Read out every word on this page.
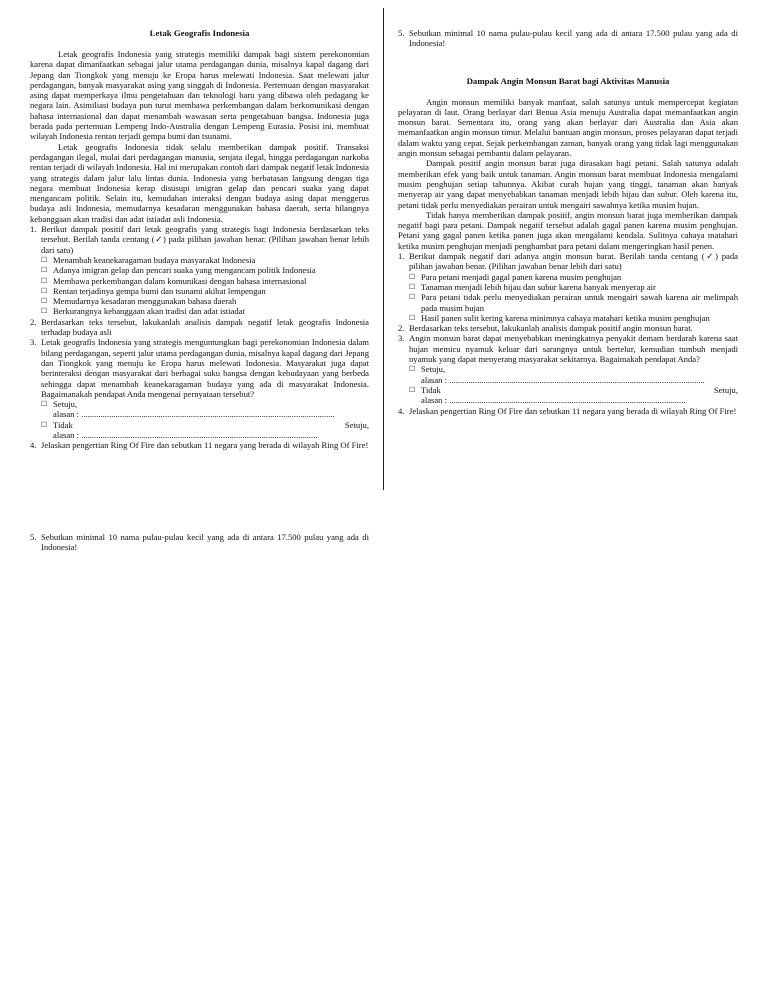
Letak Geografis Indonesia

Letak geografis Indonesia yang strategis memiliki dampak bagi sistem perekonomian karena dapat dimanfaatkan sebagai jalur utama perdagangan dunia, misalnya kapal dagang dari Jepang dan Tiongkok yang menuju ke Eropa harus melewati Indonesia. Saat melewati jalur perdagangan, banyak masyarakat asing yang singgah di Indonesia. Pertemuan dengan masyarakat asing dapat memperkaya ilmu pengetahuan dan teknologi baru yang dibawa oleh pedagang ke negara lain. Asimiliasi budaya pun turut membawa perkembangan dalam berkomunikasi dengan bahasa internasional dan dapat menambah wawasan serta pengetahuan bangsa. Indonesia juga berada pada pertemuan Lempeng Indo-Australia dengan Lempeng Eurasia. Posisi ini, membuat wilayah Indonesia rentan terjadi gempa bumi dan tsunami.

Letak geografis Indonesia tidak selalu memberikan dampak positif. Transaksi perdagangan ilegal, mulai dari perdagangan manusia, senjata ilegal, hingga perdagangan narkoba rentan terjadi di wilayah Indonesia. Hal ini merupakan contoh dari dampak negatif letak Indonesia yang strategis dalam jalur lalu lintas dunia. Indonesia yang berbatasan langsung dengan tiga negara membuat Indonesia kerap disusupi imigran gelap dan pencari suaka yang dapat mengancam politik. Selain itu, kemudahan interaksi dengan budaya asing dapat menggerus budaya asli Indonesia, memudarnya kesadaran menggunakan bahasa daerah, serta hilangnya kebanggaan akan tradisi dan adat istiadat asli Indonesia.

1. Berikut dampak positif dari letak geografis yang strategis bagi Indonesia berdasarkan teks tersebut. Berilah tanda centang (✓) pada pilihan jawaban benar. (Pilihan jawaban benar lebih dari satu)
☐ Menambah keanekaragaman budaya masyarakat Indonesia
☐ Adanya imigran gelap dan pencari suaka yang mengancam politik Indonesia
☐ Membawa perkembangan dalam komunikasi dengan bahasa internasional
☐ Rentan terjadinya gempa bumi dan tsunami akibat lempengan
☐ Memudarnya kesadaran menggunakan bahasa daerah
☐ Berkurangnya kebanggaan akan tradisi dan adat istiadat
2. Berdasarkan teks tersebut, lakukanlah analisis dampak negatif letak geografis Indonesia terhadap budaya asli
3. Letak geografis Indonesia yang strategis menguntungkan bagi perekonomian Indonesia dalam bilang perdagangan, seperti jalur utama perdagangan dunia, misalnya kapal dagang dari Jepang dan Tiongkok yang menuju ke Eropa harus melewati Indonesia. Masyarakat juga dapat berinteraksi dengan masyarakat dari berbagai suku bangsa dengan kebudayaan yang berbeda sehingga dapat menambah keanekaragaman budaya yang ada di masyarakat Indonesia. Bagaimanakah pendapat Anda mengenai pernyataan tersebut?
☐ Setuju,
alasan : ......................................................................................................................
☐ Tidak	Setuju,
alasan : ..............................................................................................................
4. Jelaskan pengertian Ring Of Fire dan sebutkan 11 negara yang berada di wilayah Ring Of Fire!
5. Sebutkan minimal 10 nama pulau-pulau kecil yang ada di antara 17.500 pulau yang ada di Indonesia!
5. Sebutkan minimal 10 nama pulau-pulau kecil yang ada di antara 17.500 pulau yang ada di Indonesia!
Dampak Angin Monsun Barat bagi Aktivitas Manusia

Angin monsun memiliki banyak manfaat, salah satunya untuk mempercepat kegiatan pelayaran di laut. Orang berlayar dari Benua Asia menuju Australia dapat memanfaatkan angin monsun barat. Sementara itu, orang yang akan berlayar dari Australia dan Asia akan memanfaatkan angin monsun timur. Melalui bantuan angin monsun, proses pelayaran dapat terjadi dalam waktu yang cepat. Sejak perkembangan zaman, banyak orang yang tidak lagi menggunakan angin monsun sebagai pembantu dalam pelayaran.

Dampak positif angin monsun barat juga dirasakan bagi petani. Salah satunya adalah memberikan efek yang baik untuk tanaman. Angin monsun barat membuat Indonesia mengalami musim penghujan setiap tahunnya. Akibat curah hujan yang tinggi, tanaman akan banyak menyerap air yang dapat menyebabkan tanaman menjadi lebih hijau dan subur. Oleh karena itu, petani tidak perlu menyediakan perairan untuk mengairi sawahnya ketika musim hujan.

Tidak hanya memberikan dampak positif, angin monsun barat juga memberikan dampak negatif bagi para petani. Dampak negatif tersebut adalah gagal panen karena musim penghujan. Petani yang gagal panen ketika panen juga akan mengalami kendala. Sulitnya cahaya matahari ketika musim penghujan menjadi penghambat para petani dalam mengeringkan hasil penen.

1. Berikut dampak negatif dari adanya angin monsun barat. Berilah tanda centang (✓) pada pilihan jawaban benar. (Pilihan jawaban benar lebih dari satu)
☐ Para petani menjadi gagal panen karena musim penghujan
☐ Tanaman menjadi lebih hijau dan subur karena banyak menyerap air
☐ Para petani tidak perlu menyediakan perairan untuk mengairi sawah karena air melimpah pada musim hujan
☐ Hasil panen sulit kering karena minimnya cahaya matahari ketika musim penghujan
2. Berdasarkan teks tersebut, lakukanlah analisis dampak positif angin monsun barat.
3. Angin monsun barat dapat menyebabkan meningkatnya penyakit demam berdarah karena saat hujan memicu nyamuk keluar dari sarangnya untuk bertelur, kemudian tumbuh menjadi nyamuk yang dapat menyerang masyarakat sekitarnya. Bagaimakah pendapat Anda?
☐ Setuju,
alasan : .......................................................................................................................
☐ Tidak	Setuju,
alasan : ..............................................................................................................
4. Jelaskan pengertian Ring Of Fire dan sebutkan 11 negara yang berada di wilayah Ring Of Fire!
